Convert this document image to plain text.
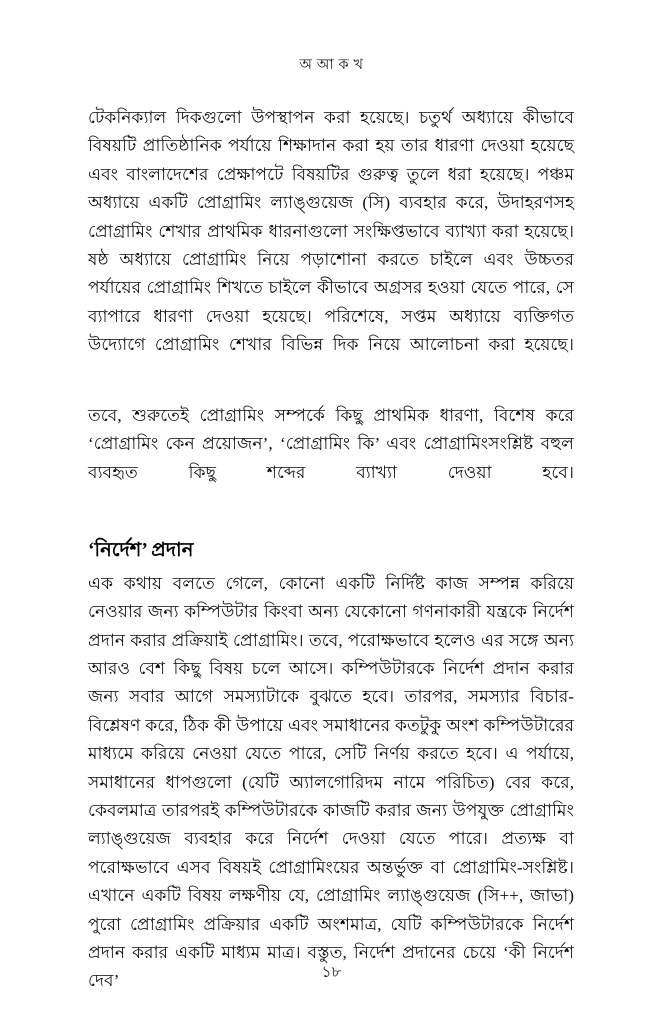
অ আ ক খ

টেকনিক্যাল দিকগুলো উপস্থাপন করা হয়েছে। চতুর্থ অধ্যায়ে কীভাবে বিষয়টি প্রাতিষ্ঠানিক পর্যায়ে শিক্ষাদান করা হয় তার ধারণা দেওয়া হয়েছে এবং বাংলাদেশের প্রেক্ষাপটে বিষয়টির গুরুত্ব তুলে ধরা হয়েছে। পঞ্চম অধ্যায়ে একটি প্রোগ্রামিং ল্যাঙ্গুয়েজ (সি) ব্যবহার করে, উদাহরণসহ প্রোগ্রামিং শেখার প্রাথমিক ধারনাগুলো সংক্ষিপ্তভাবে ব্যাখ্যা করা হয়েছে। ষষ্ঠ অধ্যায়ে প্রোগ্রামিং নিয়ে পড়াশোনা করতে চাইলে এবং উচ্চতর পর্যায়ের প্রোগ্রামিং শিখতে চাইলে কীভাবে অগ্রসর হওয়া যেতে পারে, সে ব্যাপারে ধারণা দেওয়া হয়েছে। পরিশেষে, সপ্তম অধ্যায়ে ব্যক্তিগত উদ্যোগে প্রোগ্রামিং শেখার বিভিন্ন দিক নিয়ে আলোচনা করা হয়েছে।

তবে, শুরুতেই প্রোগ্রামিং সম্পর্কে কিছু প্রাথমিক ধারণা, বিশেষ করে ‘প্রোগ্রামিং কেন প্রয়োজন’, ‘প্রোগ্রামিং কি’ এবং প্রোগ্রামিংসংশ্লিষ্ট বহুল ব্যবহৃত কিছু শব্দের ব্যাখ্যা দেওয়া হবে।

‘নির্দেশ’ প্রদান

এক কথায় বলতে গেলে, কোনো একটি নির্দিষ্ট কাজ সম্পন্ন করিয়ে নেওয়ার জন্য কম্পিউটার কিংবা অন্য যেকোনো গণনাকারী যন্ত্রকে নির্দেশ প্রদান করার প্রক্রিয়াই প্রোগ্রামিং। তবে, পরোক্ষভাবে হলেও এর সঙ্গে অন্য আরও বেশ কিছু বিষয় চলে আসে। কম্পিউটারকে নির্দেশ প্রদান করার জন্য সবার আগে সমস্যাটাকে বুঝতে হবে। তারপর, সমস্যার বিচার-বিশ্লেষণ করে, ঠিক কী উপায়ে এবং সমাধানের কতটুকু অংশ কম্পিউটারের মাধ্যমে করিয়ে নেওয়া যেতে পারে, সেটি নির্ণয় করতে হবে। এ পর্যায়ে, সমাধানের ধাপগুলো (যেটি অ্যালগোরিদম নামে পরিচিত) বের করে, কেবলমাত্র তারপরই কম্পিউটারকে কাজটি করার জন্য উপযুক্ত প্রোগ্রামিং ল্যাঙ্গুয়েজ ব্যবহার করে নির্দেশ দেওয়া যেতে পারে। প্রত্যক্ষ বা পরোক্ষভাবে এসব বিষয়ই প্রোগ্রামিংয়ের অন্তর্ভুক্ত বা প্রোগ্রামিং-সংশ্লিষ্ট। এখানে একটি বিষয় লক্ষণীয় যে, প্রোগ্রামিং ল্যাঙ্গুয়েজ (সি++, জাভা) পুরো প্রোগ্রামিং প্রক্রিয়ার একটি অংশমাত্র, যেটি কম্পিউটারকে নির্দেশ প্রদান করার একটি মাধ্যম মাত্র। বস্তুত, নির্দেশ প্রদানের চেয়ে ‘কী নির্দেশ দেব’	১৮
